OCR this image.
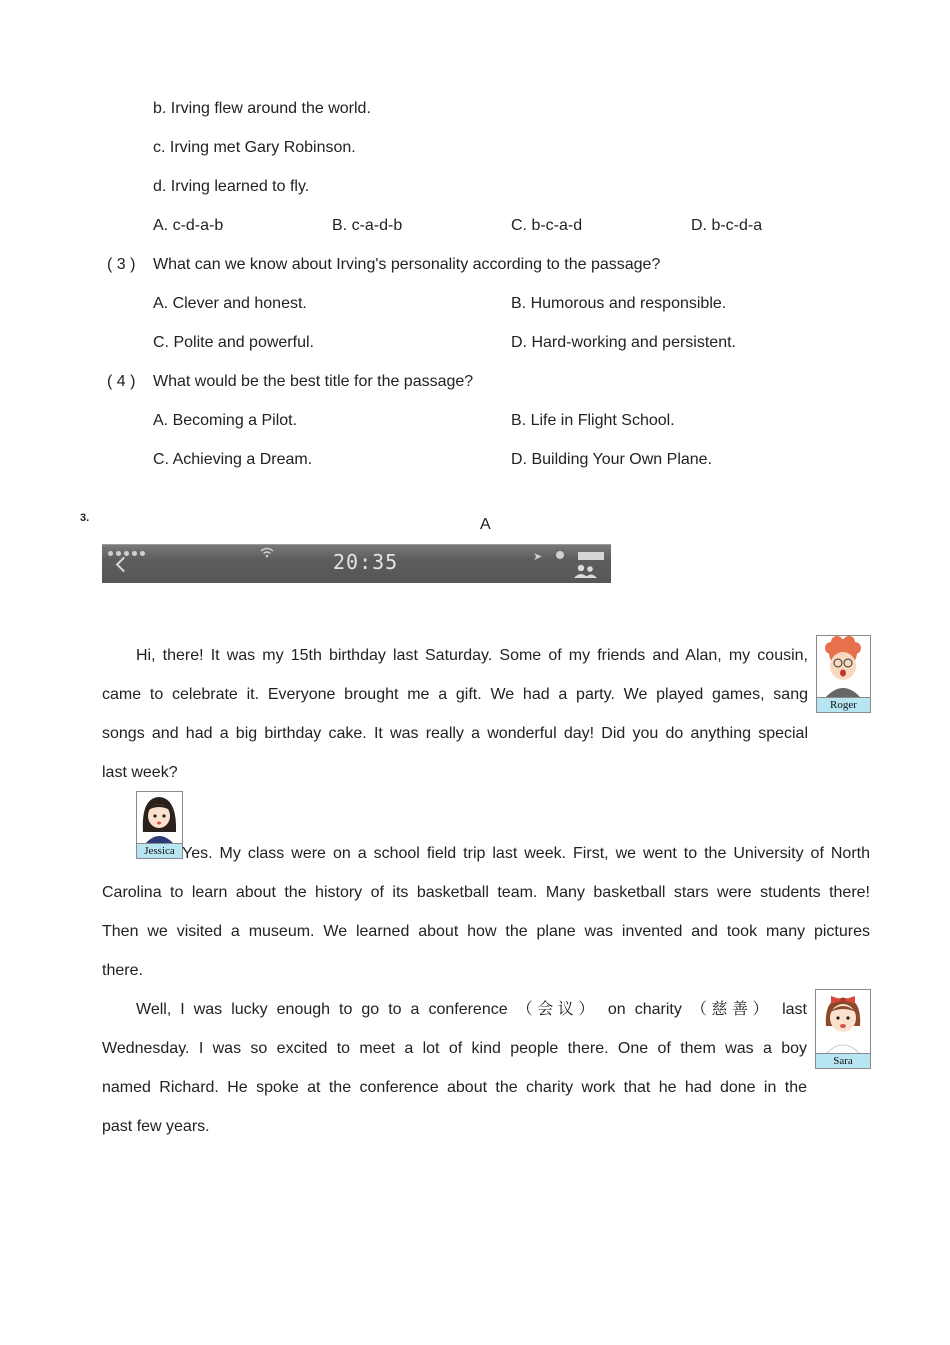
b. Irving flew around the world.
c. Irving met Gary Robinson.
d. Irving learned to fly.
A. c-d-a-b	B. c-a-d-b	C. b-c-a-d	D. b-c-d-a
( 3 ) What can we know about Irving's personality according to the passage?
A. Clever and honest.	B. Humorous and responsible.
C. Polite and powerful.	D. Hard-working and persistent.
( 4 ) What would be the best title for the passage?
A. Becoming a Pilot.	B. Life in Flight School.
C. Achieving a Dream.	D. Building Your Own Plane.
3.	A
20:35	➤
Hi, there! It was my 15th birthday last Saturday. Some of my friends and Alan, my cousin,
came to celebrate it. Everyone brought me a gift. We had a party. We played games, sang
songs and had a big birthday cake. It was really a wonderful day! Did you do anything special
last week?
Roger
Jessica Yes. My class were on a school field trip last week. First, we went to the University of North
Carolina to learn about the history of its basketball team. Many basketball stars were students there!
Then we visited a museum. We learned about how the plane was invented and took many pictures
there.
Well, I was lucky enough to go to a conference （会议） on charity （慈善） last
Wednesday. I was so excited to meet a lot of kind people there. One of them was a boy
named Richard. He spoke at the conference about the charity work that he had done in the
past few years.
Sara
